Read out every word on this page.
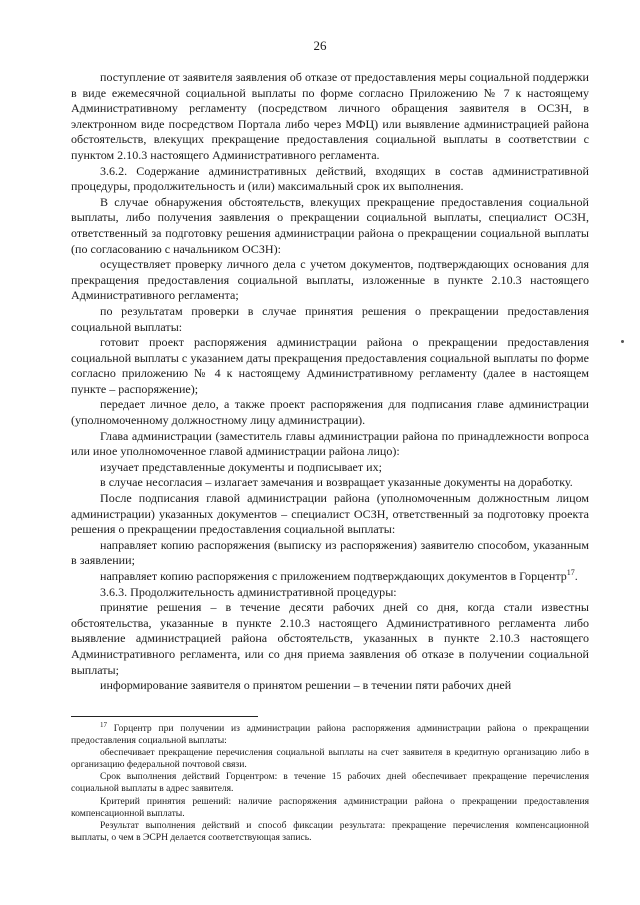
26

поступление от заявителя заявления об отказе от предоставления меры социальной поддержки в виде ежемесячной социальной выплаты по форме согласно Приложению № 7 к настоящему Административному регламенту (посредством личного обращения заявителя в ОСЗН, в электронном виде посредством Портала либо через МФЦ) или выявление администрацией района обстоятельств, влекущих прекращение предоставления социальной выплаты в соответствии с пунктом 2.10.3 настоящего Административного регламента.

3.6.2. Содержание административных действий, входящих в состав административной процедуры, продолжительность и (или) максимальный срок их выполнения.

В случае обнаружения обстоятельств, влекущих прекращение предоставления социальной выплаты, либо получения заявления о прекращении социальной выплаты, специалист ОСЗН, ответственный за подготовку решения администрации района о прекращении социальной выплаты (по согласованию с начальником ОСЗН):

осуществляет проверку личного дела с учетом документов, подтверждающих основания для прекращения предоставления социальной выплаты, изложенные в пункте 2.10.3 настоящего Административного регламента;

по результатам проверки в случае принятия решения о прекращении предоставления социальной выплаты:

готовит проект распоряжения администрации района о прекращении предоставления социальной выплаты с указанием даты прекращения предоставления социальной выплаты по форме согласно приложению № 4 к настоящему Административному регламенту (далее в настоящем пункте – распоряжение);

передает личное дело, а также проект распоряжения для подписания главе администрации (уполномоченному должностному лицу администрации).

Глава администрации (заместитель главы администрации района по принадлежности вопроса или иное уполномоченное главой администрации района лицо):

изучает представленные документы и подписывает их;

в случае несогласия – излагает замечания и возвращает указанные документы на доработку.

После подписания главой администрации района (уполномоченным должностным лицом администрации) указанных документов – специалист ОСЗН, ответственный за подготовку проекта решения о прекращении предоставления социальной выплаты:

направляет копию распоряжения (выписку из распоряжения) заявителю способом, указанным в заявлении;

направляет копию распоряжения с приложением подтверждающих документов в Горцентр$^{17}$.

3.6.3. Продолжительность административной процедуры:

принятие решения – в течение десяти рабочих дней со дня, когда стали известны обстоятельства, указанные в пункте 2.10.3 настоящего Административного регламента либо выявление администрацией района обстоятельств, указанных в пункте 2.10.3 настоящего Административного регламента, или со дня приема заявления об отказе в получении социальной выплаты;

информирование заявителя о принятом решении – в течении пяти рабочих дней

$^{17}$ Горцентр при получении из администрации района распоряжения администрации района о прекращении предоставления социальной выплаты:

обеспечивает прекращение перечисления социальной выплаты на счет заявителя в кредитную организацию либо в организацию федеральной почтовой связи.

Срок выполнения действий Горцентром: в течение 15 рабочих дней обеспечивает прекращение перечисления социальной выплаты в адрес заявителя.

Критерий принятия решений: наличие распоряжения администрации района о прекращении предоставления компенсационной выплаты.

Результат выполнения действий и способ фиксации результата: прекращение перечисления компенсационной выплаты, о чем в ЭСРН делается соответствующая запись.
